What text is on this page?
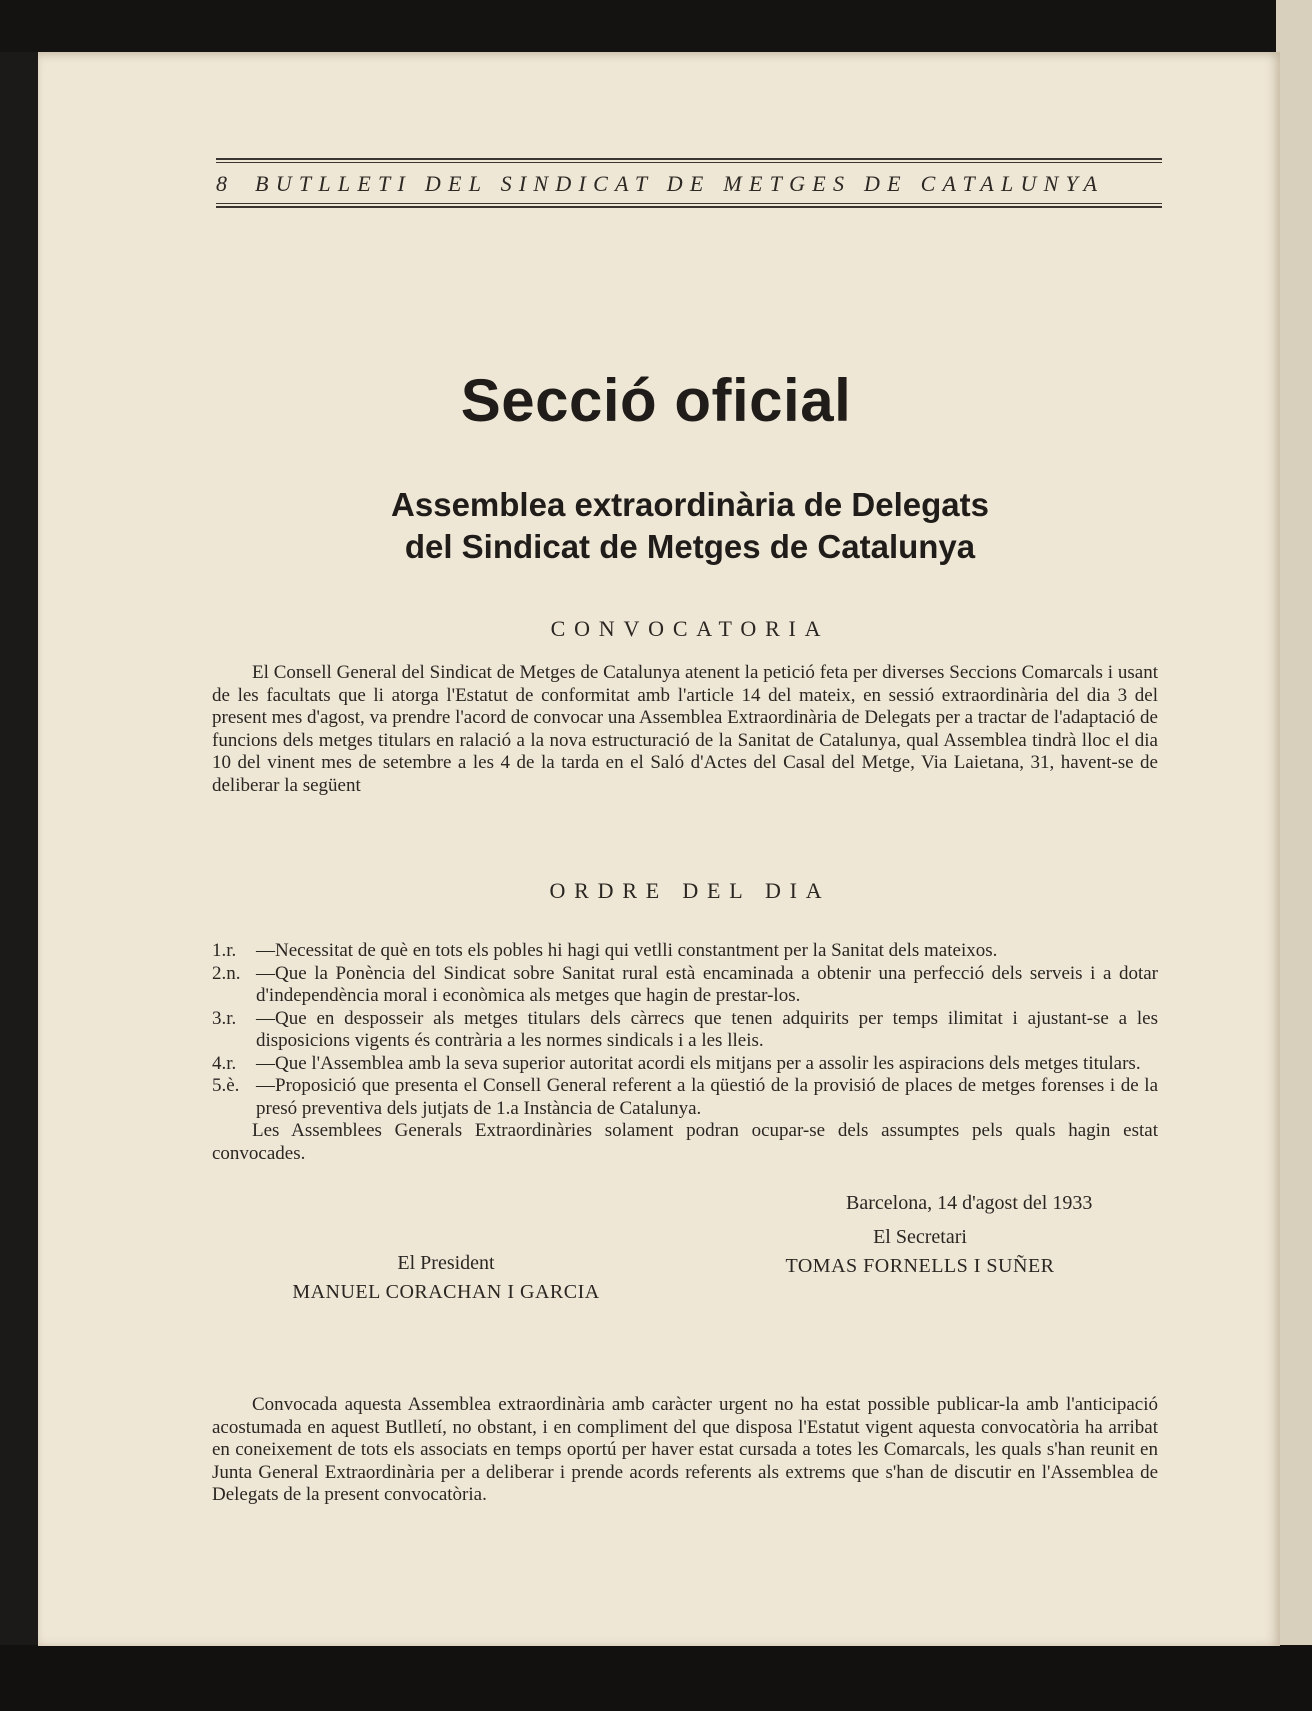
8 BUTLLETI DEL SINDICAT DE METGES DE CATALUNYA
Secció oficial
Assemblea extraordinària de Delegats
del Sindicat de Metges de Catalunya
CONVOCATORIA

El Consell General del Sindicat de Metges de Catalunya atenent la petició feta per diverses Seccions Comarcals i usant de les facultats que li atorga l'Estatut de conformitat amb l'article 14 del mateix, en sessió extraordinària del dia 3 del present mes d'agost, va prendre l'acord de convocar una Assemblea Extraordinària de Delegats per a tractar de l'adaptació de funcions dels metges titulars en ralació a la nova estructuració de la Sanitat de Catalunya, qual Assemblea tindrà lloc el dia 10 del vinent mes de setembre a les 4 de la tarda en el Saló d'Actes del Casal del Metge, Via Laietana, 31, havent-se de deliberar la següent

ORDRE DEL DIA
1.r.	—Necessitat de què en tots els pobles hi hagi qui vetlli constantment per la Sanitat dels mateixos.
2.n. —Que la Ponència del Sindicat sobre Sanitat rural està encaminada a obtenir una perfecció dels serveis i a dotar d'independència moral i econòmica als metges que hagin de prestar-los.
3.r.	—Que en desposseir als metges titulars dels càrrecs que tenen adquirits per temps ilimitat i ajustant-se a les disposicions vigents és contrària a les normes sindicals i a les lleis.
4.r.	—Que l'Assemblea amb la seva superior autoritat acordi els mitjans per a assolir les aspiracions dels metges titulars.
5.è. —Proposició que presenta el Consell General referent a la qüestió de la provisió de places de metges forenses i de la presó preventiva dels jutjats de 1.a Instància de Catalunya.

Les Assemblees Generals Extraordinàries solament podran ocupar-se dels assumptes pels quals hagin estat convocades.

Barcelona, 14 d'agost del 1933
El President
MANUEL CORACHAN I GARCIA
El Secretari
TOMAS FORNELLS I SUÑER

Convocada aquesta Assemblea extraordinària amb caràcter urgent no ha estat possible publicar-la amb l'anticipació acostumada en aquest Butlletí, no obstant, i en compliment del que disposa l'Estatut vigent aquesta convocatòria ha arribat en coneixement de tots els associats en temps oportú per haver estat cursada a totes les Comarcals, les quals s'han reunit en Junta General Extraordinària per a deliberar i prende acords referents als extrems que s'han de discutir en l'Assemblea de Delegats de la present convocatòria.
